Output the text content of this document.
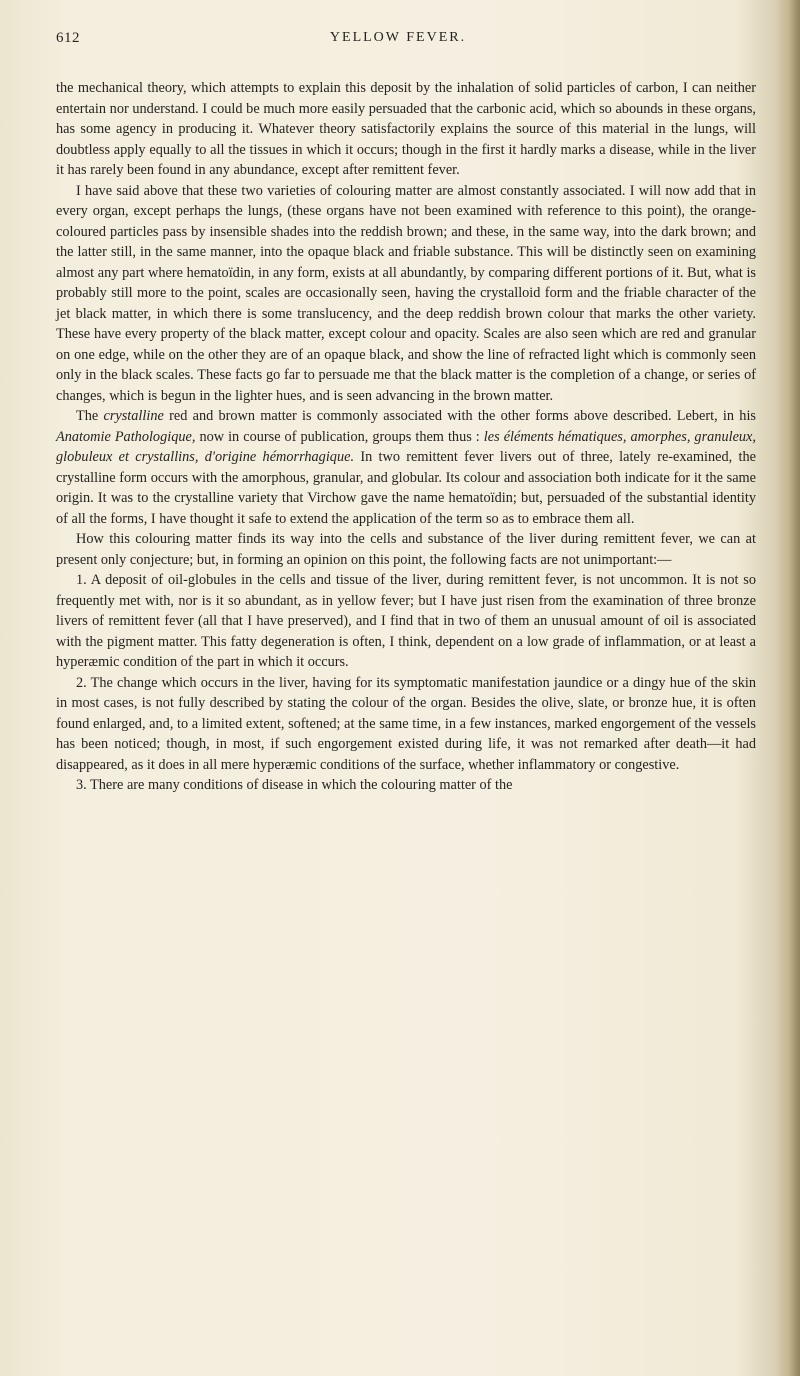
612	YELLOW FEVER.

the mechanical theory, which attempts to explain this deposit by the inhalation of solid particles of carbon, I can neither entertain nor understand. I could be much more easily persuaded that the carbonic acid, which so abounds in these organs, has some agency in producing it. Whatever theory satisfactorily explains the source of this material in the lungs, will doubtless apply equally to all the tissues in which it occurs; though in the first it hardly marks a disease, while in the liver it has rarely been found in any abundance, except after remittent fever.

I have said above that these two varieties of colouring matter are almost constantly associated. I will now add that in every organ, except perhaps the lungs, (these organs have not been examined with reference to this point), the orange-coloured particles pass by insensible shades into the reddish brown; and these, in the same way, into the dark brown; and the latter still, in the same manner, into the opaque black and friable substance. This will be distinctly seen on examining almost any part where hematoïdin, in any form, exists at all abundantly, by comparing different portions of it. But, what is probably still more to the point, scales are occasionally seen, having the crystalloid form and the friable character of the jet black matter, in which there is some translucency, and the deep reddish brown colour that marks the other variety. These have every property of the black matter, except colour and opacity. Scales are also seen which are red and granular on one edge, while on the other they are of an opaque black, and show the line of refracted light which is commonly seen only in the black scales. These facts go far to persuade me that the black matter is the completion of a change, or series of changes, which is begun in the lighter hues, and is seen advancing in the brown matter.

The crystalline red and brown matter is commonly associated with the other forms above described. Lebert, in his Anatomie Pathologique, now in course of publication, groups them thus : les éléments hématiques, amorphes, granuleux, globuleux et crystallins, d'origine hémorrhagique. In two remittent fever livers out of three, lately re-examined, the crystalline form occurs with the amorphous, granular, and globular. Its colour and association both indicate for it the same origin. It was to the crystalline variety that Virchow gave the name hematoïdin; but, persuaded of the substantial identity of all the forms, I have thought it safe to extend the application of the term so as to embrace them all.

How this colouring matter finds its way into the cells and substance of the liver during remittent fever, we can at present only conjecture; but, in forming an opinion on this point, the following facts are not unimportant:—

1. A deposit of oil-globules in the cells and tissue of the liver, during remittent fever, is not uncommon. It is not so frequently met with, nor is it so abundant, as in yellow fever; but I have just risen from the examination of three bronze livers of remittent fever (all that I have preserved), and I find that in two of them an unusual amount of oil is associated with the pigment matter. This fatty degeneration is often, I think, dependent on a low grade of inflammation, or at least a hyperæmic condition of the part in which it occurs.

2. The change which occurs in the liver, having for its symptomatic manifestation jaundice or a dingy hue of the skin in most cases, is not fully described by stating the colour of the organ. Besides the olive, slate, or bronze hue, it is often found enlarged, and, to a limited extent, softened; at the same time, in a few instances, marked engorgement of the vessels has been noticed; though, in most, if such engorgement existed during life, it was not remarked after death—it had disappeared, as it does in all mere hyperæmic conditions of the surface, whether inflammatory or congestive.

3. There are many conditions of disease in which the colouring matter of the
